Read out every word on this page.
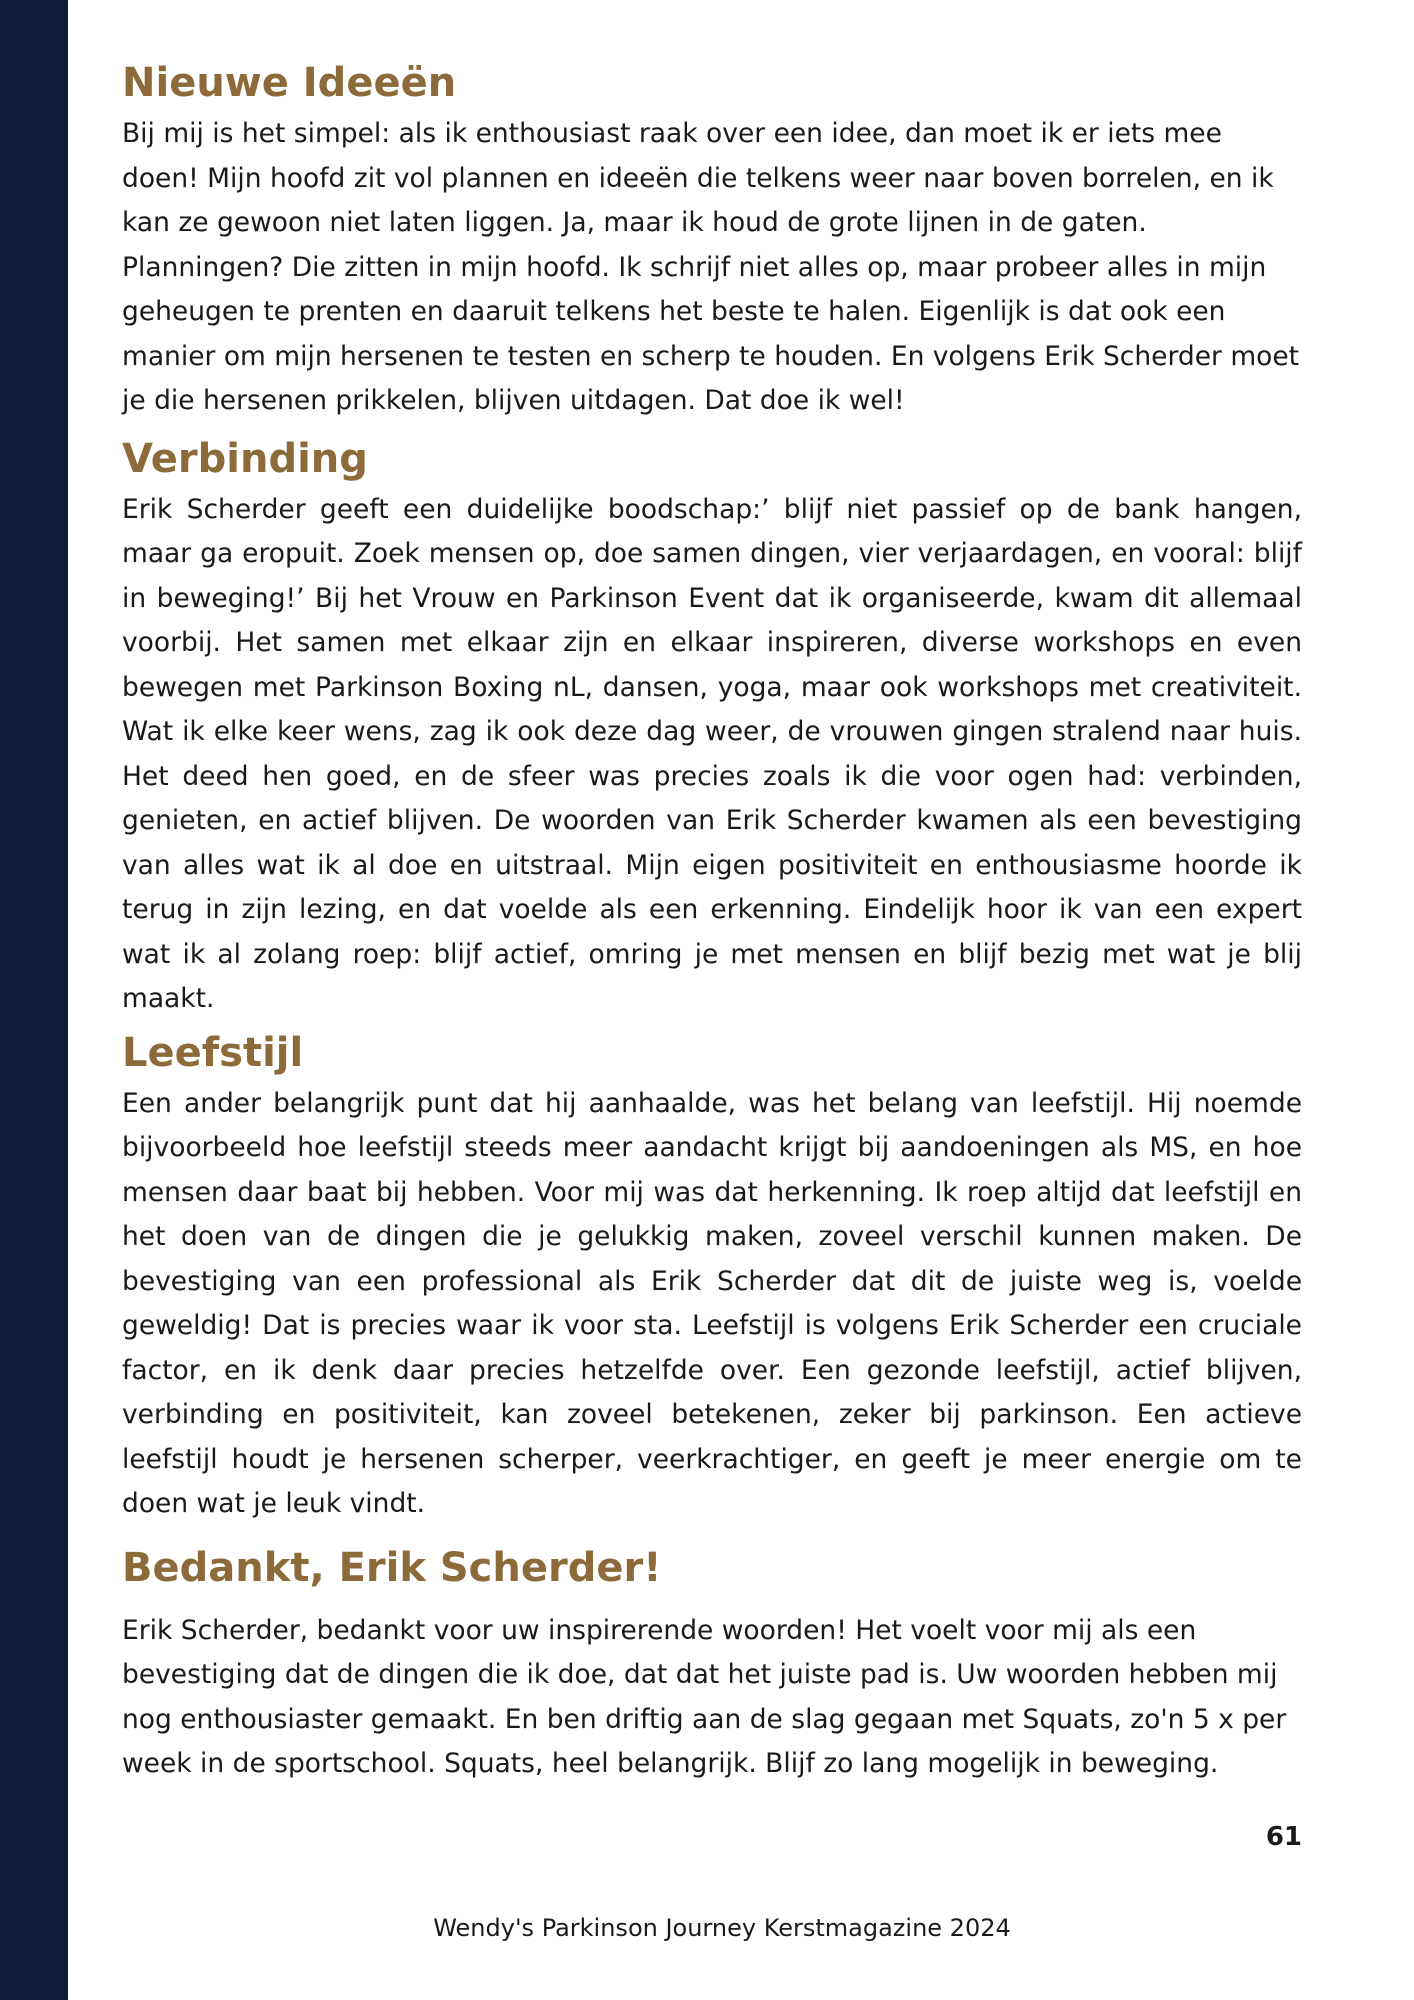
Nieuwe Ideeën

Bij mij is het simpel: als ik enthousiast raak over een idee, dan moet ik er iets mee doen! Mijn hoofd zit vol plannen en ideeën die telkens weer naar boven borrelen, en ik kan ze gewoon niet laten liggen. Ja, maar ik houd de grote lijnen in de gaten. Planningen? Die zitten in mijn hoofd. Ik schrijf niet alles op, maar probeer alles in mijn geheugen te prenten en daaruit telkens het beste te halen. Eigenlijk is dat ook een manier om mijn hersenen te testen en scherp te houden. En volgens Erik Scherder moet je die hersenen prikkelen, blijven uitdagen. Dat doe ik wel!

Verbinding

Erik Scherder geeft een duidelijke boodschap:’ blijf niet passief op de bank hangen, maar ga eropuit. Zoek mensen op, doe samen dingen, vier verjaardagen, en vooral: blijf in beweging!’ Bij het Vrouw en Parkinson Event dat ik organiseerde, kwam dit allemaal voorbij. Het samen met elkaar zijn en elkaar inspireren, diverse workshops en even bewegen met Parkinson Boxing nL, dansen, yoga, maar ook workshops met creativiteit. Wat ik elke keer wens, zag ik ook deze dag weer, de vrouwen gingen stralend naar huis. Het deed hen goed, en de sfeer was precies zoals ik die voor ogen had: verbinden, genieten, en actief blijven. De woorden van Erik Scherder kwamen als een bevestiging van alles wat ik al doe en uitstraal. Mijn eigen positiviteit en enthousiasme hoorde ik terug in zijn lezing, en dat voelde als een erkenning. Eindelijk hoor ik van een expert wat ik al zolang roep: blijf actief, omring je met mensen en blijf bezig met wat je blij maakt.

Leefstijl

Een ander belangrijk punt dat hij aanhaalde, was het belang van leefstijl. Hij noemde bijvoorbeeld hoe leefstijl steeds meer aandacht krijgt bij aandoeningen als MS, en hoe mensen daar baat bij hebben. Voor mij was dat herkenning. Ik roep altijd dat leefstijl en het doen van de dingen die je gelukkig maken, zoveel verschil kunnen maken. De bevestiging van een professional als Erik Scherder dat dit de juiste weg is, voelde geweldig! Dat is precies waar ik voor sta. Leefstijl is volgens Erik Scherder een cruciale factor, en ik denk daar precies hetzelfde over. Een gezonde leefstijl, actief blijven, verbinding en positiviteit, kan zoveel betekenen, zeker bij parkinson. Een actieve leefstijl houdt je hersenen scherper, veerkrachtiger, en geeft je meer energie om te doen wat je leuk vindt.

Bedankt, Erik Scherder!

Erik Scherder, bedankt voor uw inspirerende woorden! Het voelt voor mij als een bevestiging dat de dingen die ik doe, dat dat het juiste pad is. Uw woorden hebben mij nog enthousiaster gemaakt. En ben driftig aan de slag gegaan met Squats, zo'n 5 x per week in de sportschool. Squats, heel belangrijk. Blijf zo lang mogelijk in beweging.

61
Wendy's Parkinson Journey Kerstmagazine 2024
